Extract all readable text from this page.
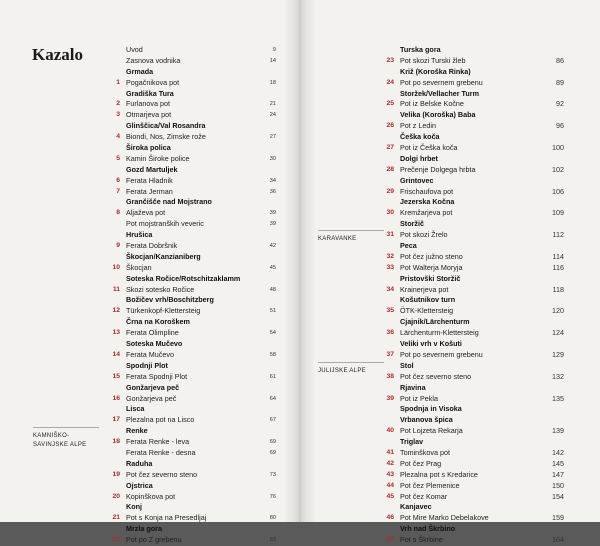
Kazalo
KAMNIŠKO-
SAVINJSKE ALPE
KARAVANKE
JULIJSKE ALPE
Uvod	9
Zasnova vodnika	14
Grmada
1 Pogačnikova pot	18
Gradiška Tura
2 Furlanova pot	21
3 Otmarjeva pot	24
Glinščica/Val Rosandra
4 Biondi, Nos, Zimske rože	27
Široka polica
5 Kamin Široke police	30
Gozd Martuljek
6 Ferata Hladnik	34
7 Ferata Jerman	36
Grančišče nad Mojstrano
8 Aljaževa pot	39
Pot mojstranških veveric	39
Hrušica
9 Ferata Dobršnik	42
Škocjan/Kanzianiberg
10 Škocjan	45
Soteska Ročice/Rotschitzaklamm
11 Skozi sotesko Ročice	48
Božičev vrh/Boschitzberg
12 Türkenkopf-Klettersteig	51
Črna na Koroškem
13 Ferata Olimpline	54
Soteska Mučevo
14 Ferata Mučevo	58
Spodnji Plot
15 Ferata Spodnji Plot	61
Gonžarjeva peč
16 Gonžarjeva peč	64
Lisca
17 Plezalna pot na Lisco	67
Renke
18 Ferata Renke - leva	69
Ferata Renke - desna	69
Raduha
19 Pot čez severno steno	73
Ojstrica
20 Kopinškova pot	76
Konj
21 Pot s Konja na Presedljaj	80
Mrzla gora
22 Pot po Z grebenu	83
Turska gora
23 Pot skozi Turski žleb	86
Križ (Koroška Rinka)
24 Pot po severnem grebenu	89
Storžek/Vellacher Turm
25 Pot iz Belske Kočne	92
Velika (Koroška) Baba
26 Pot z Ledin	96
Češka koča
27 Pot iz Češka koča	100
Dolgi hrbet
28 Prečenje Dolgega hrbta	102
Grintovec
29 Frischaufova pot	106
Jezerska Kočna
30 Kremžarjeva pot	109
Storžič
31 Pot skozi Žrelo	112
Peca
32 Pot čez južno steno	114
33 Pot Walterja Moryja	116
Pristovški Storžič
34 Krainerjeva pot	118
Košutnikov turn
35 ÖTK-Klettersteig	120
Cjajnik/Lärchenturm
36 Lärchenturm-Klettersteig	124
Veliki vrh v Košuti
37 Pot po severnem grebenu	129
Stol
38 Pot čez severno steno	132
Rjavina
39 Pot iz Pekla	135
Spodnja in Visoka
Vrbanova špica
40 Pot Lojzeta Rekarja	139
Triglav
41 Tominškova pot	142
42 Pot čez Prag	145
43 Plezalna pot s Kredarice	147
44 Pot čez Plemenice	150
45 Pot čez Komar	154
Kanjavec
46 Pot Mire Marko Debelakove	159
Vrh nad Škrbino
47 Pot s Škrbine	164
